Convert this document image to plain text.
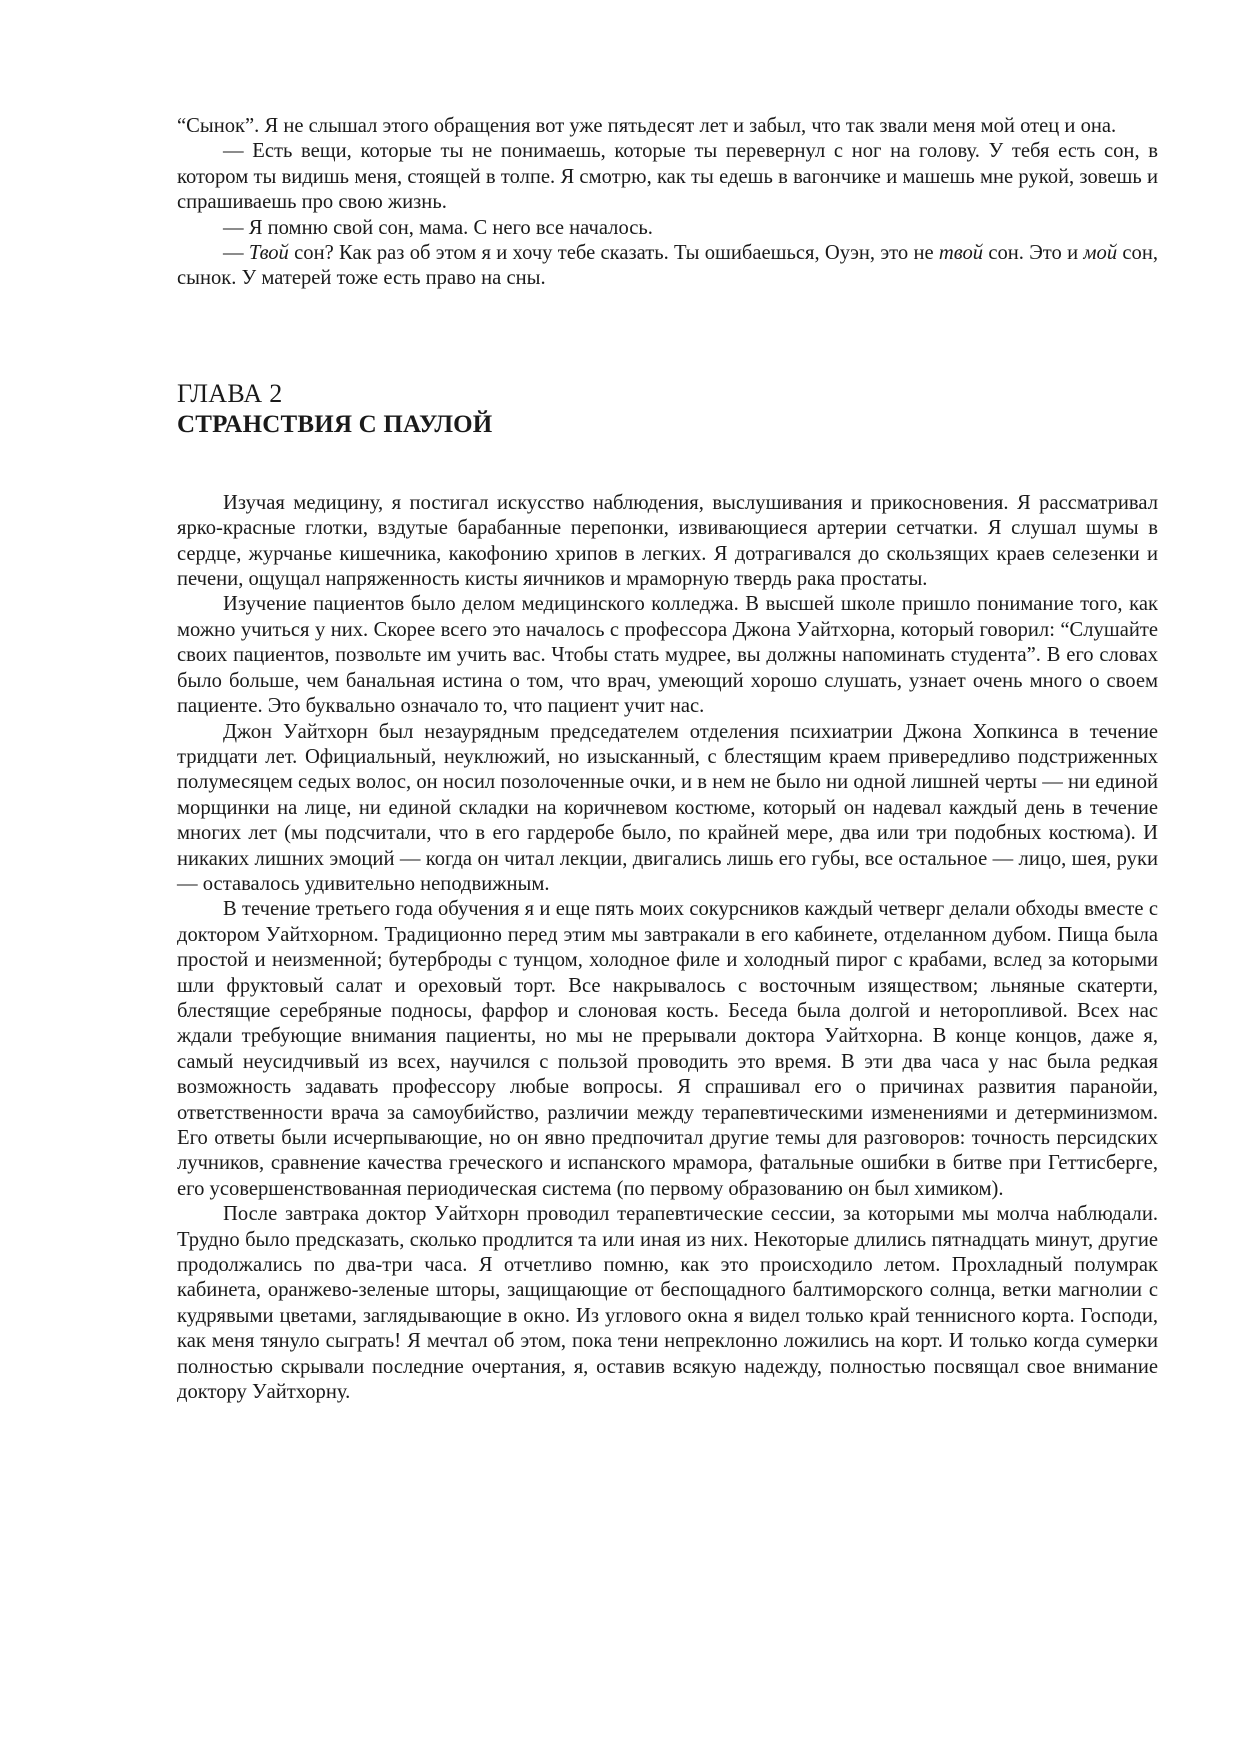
“Сынок”. Я не слышал этого обращения вот уже пятьдесят лет и забыл, что так звали меня мой отец и она.

— Есть вещи, которые ты не понимаешь, которые ты перевернул с ног на голову. У тебя есть сон, в котором ты видишь меня, стоящей в толпе. Я смотрю, как ты едешь в вагончике и машешь мне рукой, зовешь и спрашиваешь про свою жизнь.

— Я помню свой сон, мама. С него все началось.

— Твой сон? Как раз об этом я и хочу тебе сказать. Ты ошибаешься, Оуэн, это не твой сон. Это и мой сон, сынок. У матерей тоже есть право на сны.

ГЛАВА 2
СТРАНСТВИЯ С ПАУЛОЙ

Изучая медицину, я постигал искусство наблюдения, выслушивания и прикосновения. Я рассматривал ярко-красные глотки, вздутые барабанные перепонки, извивающиеся артерии сетчатки. Я слушал шумы в сердце, журчанье кишечника, какофонию хрипов в легких. Я дотрагивался до скользящих краев селезенки и печени, ощущал напряженность кисты яичников и мраморную твердь рака простаты.

Изучение пациентов было делом медицинского колледжа. В высшей школе пришло понимание того, как можно учиться у них. Скорее всего это началось с профессора Джона Уайтхорна, который говорил: “Слушайте своих пациентов, позвольте им учить вас. Чтобы стать мудрее, вы должны напоминать студента”. В его словах было больше, чем банальная истина о том, что врач, умеющий хорошо слушать, узнает очень много о своем пациенте. Это буквально означало то, что пациент учит нас.

Джон Уайтхорн был незаурядным председателем отделения психиатрии Джона Хопкинса в течение тридцати лет. Официальный, неуклюжий, но изысканный, с блестящим краем привередливо подстриженных полумесяцем седых волос, он носил позолоченные очки, и в нем не было ни одной лишней черты — ни единой морщинки на лице, ни единой складки на коричневом костюме, который он надевал каждый день в течение многих лет (мы подсчитали, что в его гардеробе было, по крайней мере, два или три подобных костюма). И никаких лишних эмоций — когда он читал лекции, двигались лишь его губы, все остальное — лицо, шея, руки — оставалось удивительно неподвижным.

В течение третьего года обучения я и еще пять моих сокурсников каждый четверг делали обходы вместе с доктором Уайтхорном. Традиционно перед этим мы завтракали в его кабинете, отделанном дубом. Пища была простой и неизменной; бутерброды с тунцом, холодное филе и холодный пирог с крабами, вслед за которыми шли фруктовый салат и ореховый торт. Все накрывалось с восточным изяществом; льняные скатерти, блестящие серебряные подносы, фарфор и слоновая кость. Беседа была долгой и неторопливой. Всех нас ждали требующие внимания пациенты, но мы не прерывали доктора Уайтхорна. В конце концов, даже я, самый неусидчивый из всех, научился с пользой проводить это время. В эти два часа у нас была редкая возможность задавать профессору любые вопросы. Я спрашивал его о причинах развития паранойи, ответственности врача за самоубийство, различии между терапевтическими изменениями и детерминизмом. Его ответы были исчерпывающие, но он явно предпочитал другие темы для разговоров: точность персидских лучников, сравнение качества греческого и испанского мрамора, фатальные ошибки в битве при Геттисберге, его усовершенствованная периодическая система (по первому образованию он был химиком).

После завтрака доктор Уайтхорн проводил терапевтические сессии, за которыми мы молча наблюдали. Трудно было предсказать, сколько продлится та или иная из них. Некоторые длились пятнадцать минут, другие продолжались по два-три часа. Я отчетливо помню, как это происходило летом. Прохладный полумрак кабинета, оранжево-зеленые шторы, защищающие от беспощадного балтиморского солнца, ветки магнолии с кудрявыми цветами, заглядывающие в окно. Из углового окна я видел только край теннисного корта. Господи, как меня тянуло сыграть! Я мечтал об этом, пока тени непреклонно ложились на корт. И только когда сумерки полностью скрывали последние очертания, я, оставив всякую надежду, полностью посвящал свое внимание доктору Уайтхорну.
